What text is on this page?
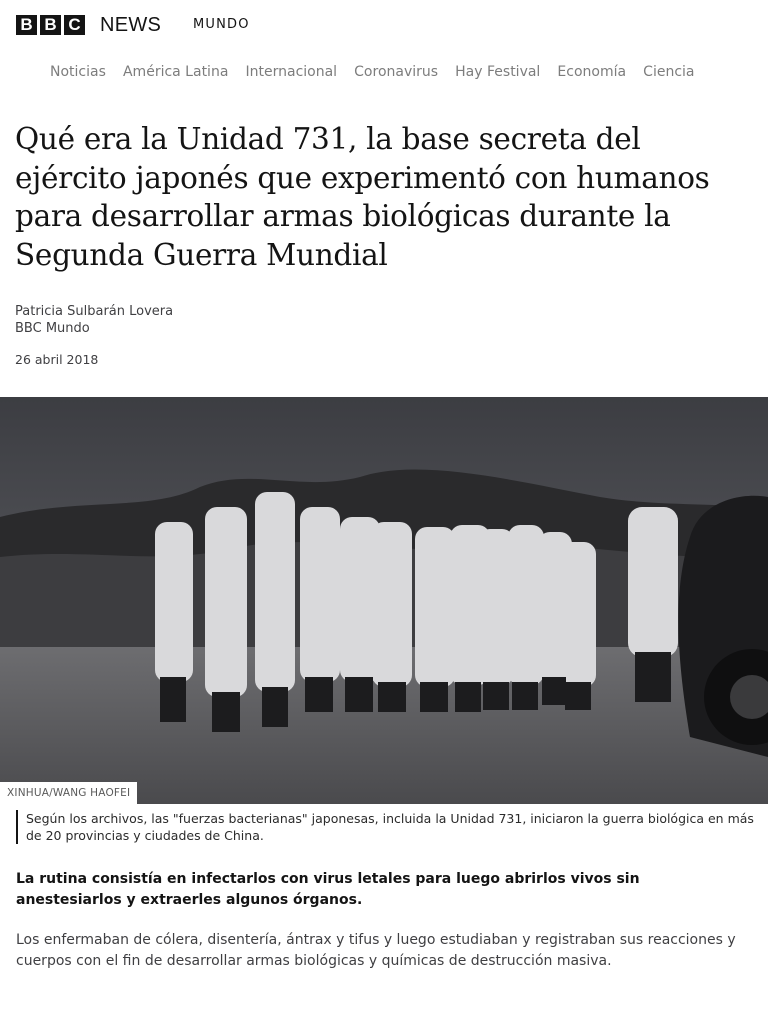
B B C NEWS MUNDO
Noticias América Latina Internacional Coronavirus Hay Festival Economía Ciencia
Qué era la Unidad 731, la base secreta del ejército japonés que experimentó con humanos para desarrollar armas biológicas durante la Segunda Guerra Mundial
Patricia Sulbarán Lovera
BBC Mundo
26 abril 2018
XINHUA/WANG HAOFEI
Según los archivos, las "fuerzas bacterianas" japonesas, incluida la Unidad 731, iniciaron la guerra biológica en más de 20 provincias y ciudades de China.

La rutina consistía en infectarlos con virus letales para luego abrirlos vivos sin anestesiarlos y extraerles algunos órganos.

Los enfermaban de cólera, disentería, ántrax y tifus y luego estudiaban y registraban sus reacciones y cuerpos con el fin de desarrollar armas biológicas y químicas de destrucción masiva.
